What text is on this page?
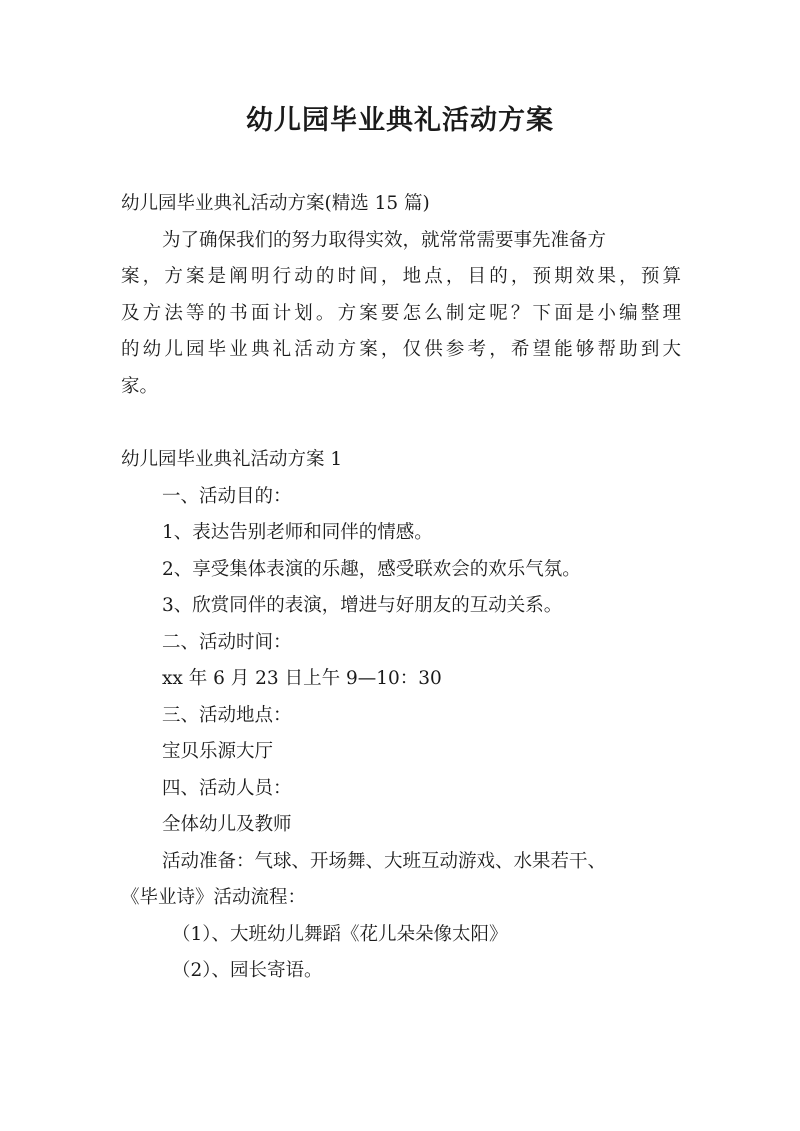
幼儿园毕业典礼活动方案
幼儿园毕业典礼活动方案(精选 15 篇)
为了确保我们的努力取得实效，就常常需要事先准备方
案，方案是阐明行动的时间，地点，目的，预期效果，预算
及方法等的书面计划。方案要怎么制定呢？下面是小编整理
的幼儿园毕业典礼活动方案，仅供参考，希望能够帮助到大
家。
幼儿园毕业典礼活动方案 1
一、活动目的：
1、表达告别老师和同伴的情感。
2、享受集体表演的乐趣，感受联欢会的欢乐气氛。
3、欣赏同伴的表演，增进与好朋友的互动关系。
二、活动时间：
xx 年 6 月 23 日上午 9—10：30
三、活动地点：
宝贝乐源大厅
四、活动人员：
全体幼儿及教师
活动准备：气球、开场舞、大班互动游戏、水果若干、
《毕业诗》活动流程：
（1）、大班幼儿舞蹈《花儿朵朵像太阳》
（2）、园长寄语。
